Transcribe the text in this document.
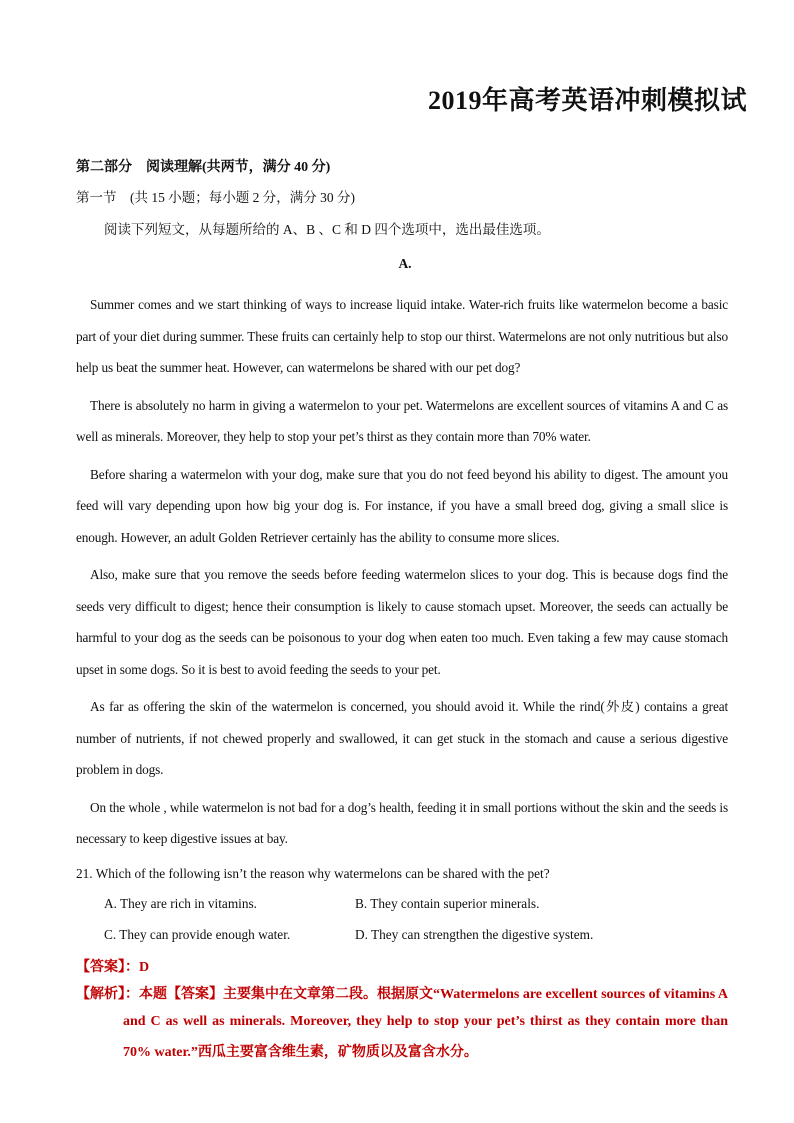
2019年高考英语冲刺模拟试
第二部分　阅读理解(共两节，满分 40 分)
第一节　(共 15 小题；每小题 2 分，满分 30 分)
阅读下列短文，从每题所给的 A、B 、C 和 D 四个选项中，选出最佳选项。
A.

Summer comes and we start thinking of ways to increase liquid intake. Water-rich fruits like watermelon become a basic part of your diet during summer. These fruits can certainly help to stop our thirst. Watermelons are not only nutritious but also help us beat the summer heat. However, can watermelons be shared with our pet dog?

There is absolutely no harm in giving a watermelon to your pet. Watermelons are excellent sources of vitamins A and C as well as minerals. Moreover, they help to stop your pet’s thirst as they contain more than 70% water.

Before sharing a watermelon with your dog, make sure that you do not feed beyond his ability to digest. The amount you feed will vary depending upon how big your dog is. For instance, if you have a small breed dog, giving a small slice is enough. However, an adult Golden Retriever certainly has the ability to consume more slices.

Also, make sure that you remove the seeds before feeding watermelon slices to your dog. This is because dogs find the seeds very difficult to digest; hence their consumption is likely to cause stomach upset. Moreover, the seeds can actually be harmful to your dog as the seeds can be poisonous to your dog when eaten too much. Even taking a few may cause stomach upset in some dogs. So it is best to avoid feeding the seeds to your pet.

As far as offering the skin of the watermelon is concerned, you should avoid it. While the rind(外皮) contains a great number of nutrients, if not chewed properly and swallowed, it can get stuck in the stomach and cause a serious digestive problem in dogs.

On the whole , while watermelon is not bad for a dog’s health, feeding it in small portions without the skin and the seeds is necessary to keep digestive issues at bay.

21. Which of the following isn’t the reason why watermelons can be shared with the pet?
A. They are rich in vitamins.	B. They contain superior minerals.
C. They can provide enough water.	D. They can strengthen the digestive system.
【答案】：D
【解析】：本题【答案】主要集中在文章第二段。根据原文“Watermelons are excellent sources of vitamins A
and C as well as minerals. Moreover, they help to stop your pet’s thirst as they contain more than 70% water.”西瓜主要富含维生素，矿物质以及富含水分。
